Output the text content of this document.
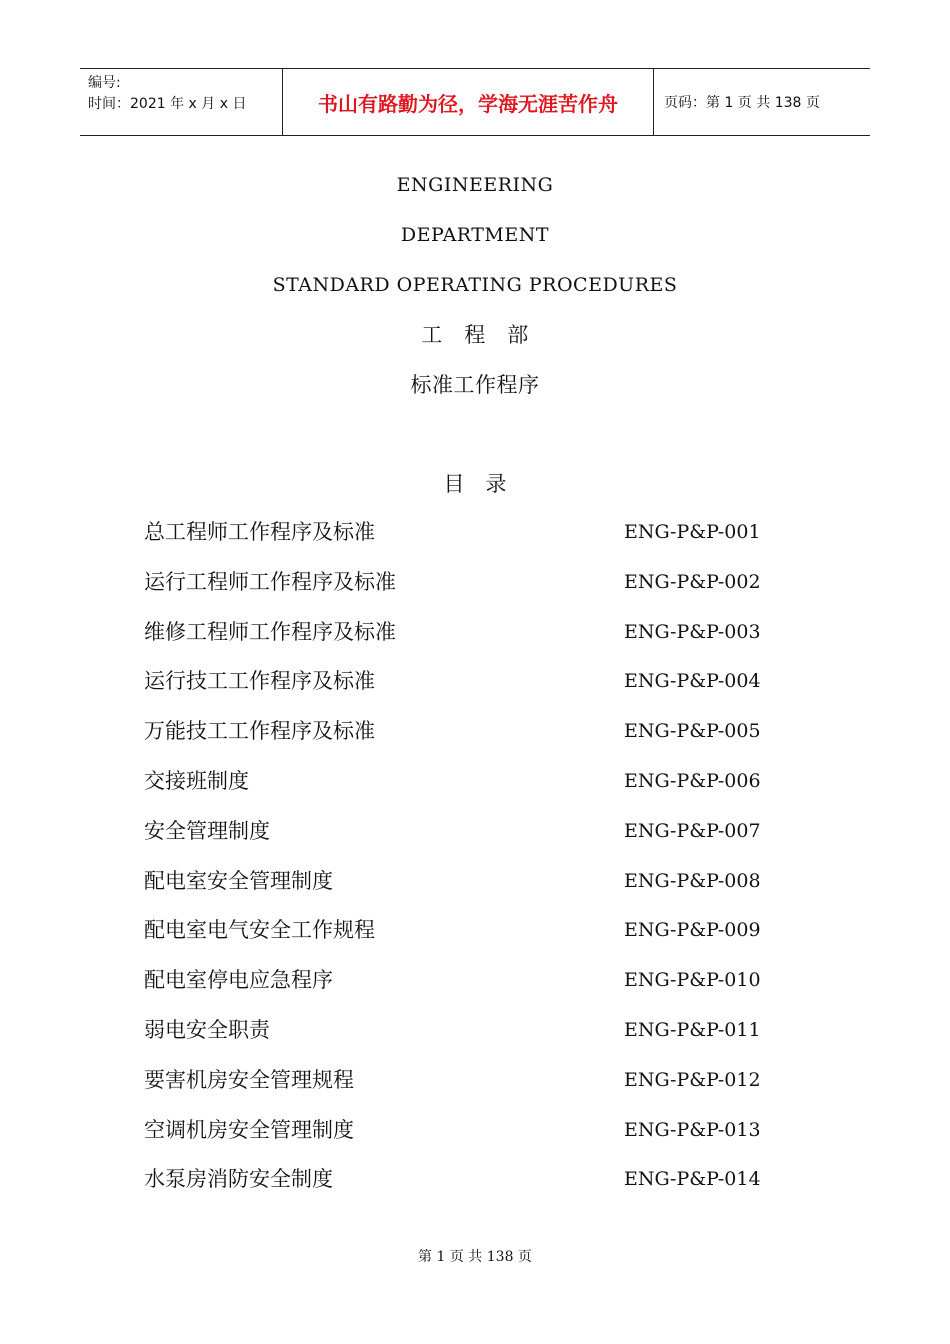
编号:
时间：2021 年 x 月 x 日	书山有路勤为径，学海无涯苦作舟	页码：第 1 页 共 138 页
ENGINEERING
DEPARTMENT
STANDARD OPERATING PROCEDURES
工　程　部
标准工作程序
目　录
总工程师工作程序及标准	ENG-P&P-001
运行工程师工作程序及标准	ENG-P&P-002
维修工程师工作程序及标准	ENG-P&P-003
运行技工工作程序及标准	ENG-P&P-004
万能技工工作程序及标准	ENG-P&P-005
交接班制度	ENG-P&P-006
安全管理制度	ENG-P&P-007
配电室安全管理制度	ENG-P&P-008
配电室电气安全工作规程	ENG-P&P-009
配电室停电应急程序	ENG-P&P-010
弱电安全职责	ENG-P&P-011
要害机房安全管理规程	ENG-P&P-012
空调机房安全管理制度	ENG-P&P-013
水泵房消防安全制度	ENG-P&P-014
第 1 页 共 138 页
